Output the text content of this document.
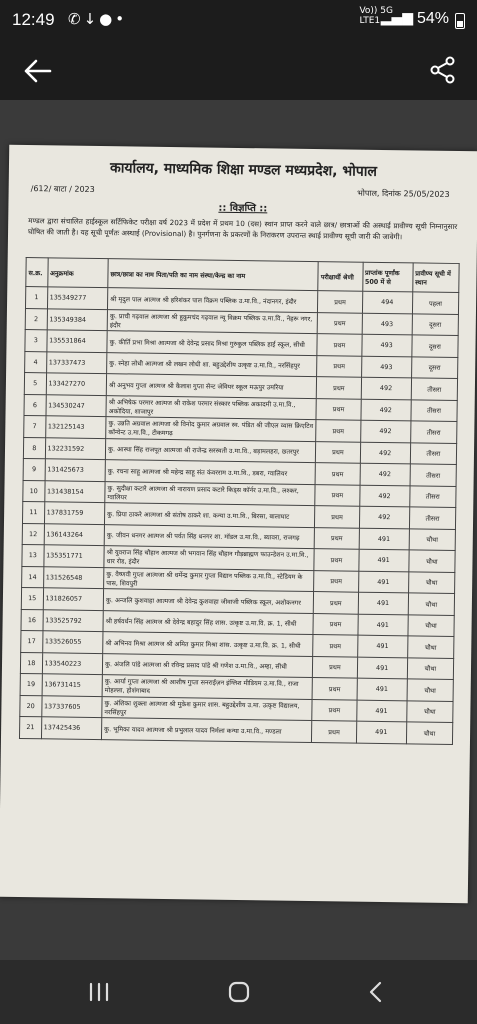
12:49 ✆↓●•	Vo)) 5G
LTE1 ▂▄▆ 54%
कार्यालय, माध्यमिक शिक्षा मण्डल मध्यप्रदेश, भोपाल
/612/ बाटा / 2023	भोपाल, दिनांक 25/05/2023
:: विज्ञप्ति ::
मण्डल द्वारा संचालित हाईस्कूल सर्टिफिकेट परीक्षा वर्ष 2023 में प्रदेश में प्रथम 10 (दस) स्थान प्राप्त करने वाले छात्र/ छात्राओं की अस्थाई प्रावीण्य सूची निम्नानुसार घोषित की जाती है। यह सूची पूर्णतः अस्थाई (Provisional) है। पुनर्गणना के प्रकरणों के निराकरण उपरान्त स्थाई प्रावीण्य सूची जारी की जावेगी।
स.क्र.	अनुक्रमांक	छात्र/छात्रा का नाम पिता/पति का नाम संस्था/केन्द्र का नाम	परीक्षार्थी श्रेणी	प्राप्तांक पूर्णांक 500 में से	प्रावीण्य सूची में स्थान
1	135349277	श्री मृदुल पाल आत्मज श्री हरिशंकर पाल विक्रम पब्लिक उ.मा.वि., नंदानगर, इंदौर	प्रथम	494	पहला
2	135349384	कु. प्राची गढ़वाल आत्मजा श्री हुकुमचंद गढ़वाल न्यू विक्रम पब्लिक उ.मा.वि., नेहरू नगर, इंदौर	प्रथम	493	दूसरा
3	135531864	कु. कीर्ति प्रभा मिश्रा आत्मजा श्री देवेन्द्र प्रसाद मिश्रा गुरुकुल पब्लिक हाई स्कूल, सीधी	प्रथम	493	दूसरा
4	137337473	कु. स्नेहा लोधी आत्मजा श्री लखन लोधी शा. बहुउद्देशीय उत्कृष्ट उ.मा.वि., नरसिंहपुर	प्रथम	493	दूसरा
5	133427270	श्री अनुभव गुप्ता आत्मज श्री कैलाश गुप्ता सेन्ट जेवियर स्कूल मऊपुर उमरिया	प्रथम	492	तीसरा
6	134530247	श्री अभिषेक परमार आत्मज श्री राकेश परमार संस्कार पब्लिक अकादमी उ.मा.वि., अकोदिया, शाजापुर	प्रथम	492	तीसरा
7	132125143	कु. उन्नति अग्रवाल आत्मजा श्री विनोद कुमार अग्रवाल स्व. पंडित श्री जीएल व्यास क्रिएटिव कॉन्वेन्ट उ.मा.वि., टीकमगढ़	प्रथम	492	तीसरा
8	132231592	कु. आस्था सिंह राजपूत आत्मजा श्री राजेन्द्र सरस्वती उ.मा.वि., बड़ामलहरा, छतरपुर	प्रथम	492	तीसरा
9	131425673	कु. रचना साहू आत्मजा श्री महेन्द्र साहू संत कंवरराम उ.मा.वि., डबरा, ग्वालियर	प्रथम	492	तीसरा
10	131438154	कु. सुदीक्षा कटारे आत्मजा श्री नारायण प्रसाद कटारे किड्स कॉर्नर उ.मा.वि., लश्कर, ग्वालियर	प्रथम	492	तीसरा
11	137831759	कु. प्रिया ठाकरे आत्मजा श्री संतोष ठाकरे शा. कन्या उ.मा.वि., बिरसा, बालाघाट	प्रथम	492	तीसरा
12	136143264	कु. जीवन धनगर आत्मज श्री पर्वत सिंह धनगर शा. मॉडल उ.मा.वि., ब्यावरा, राजगढ़	प्रथम	491	चौथा
13	135351771	श्री युवराज सिंह चौहान आत्मज श्री भगवान सिंह चौहान गौड़ब्राह्मण फाउन्डेशन उ.मा.वि., धार रोड, इंदौर	प्रथम	491	चौथा
14	131526548	कु. वैष्णवी गुप्ता आत्मजा श्री धर्मेन्द्र कुमार गुप्ता विद्यान पब्लिक उ.मा.वि., स्टेडियम के पास, शिवपुरी	प्रथम	491	चौथा
15	131826057	कु. अन्जलि कुशवाहा आत्मजा श्री देवेन्द्र कुशवाहा जीवाजी पब्लिक स्कूल, अशोकनगर	प्रथम	491	चौथा
16	133525792	श्री हर्षवर्धन सिंह आत्मज श्री देवेन्द्र बहादुर सिंह शास. उत्कृष्ट उ.मा.वि. क्र. 1, सीधी	प्रथम	491	चौथा
17	133526055	श्री अभिनव मिश्रा आत्मज श्री अमित कुमार मिश्रा शास. उत्कृष्ट उ.मा.वि. क्र. 1, सीधी	प्रथम	491	चौथा
18	133540223	कु. अंजलि पांडे आत्मजा श्री रविन्द्र प्रसाद पांडे श्री गणेश उ.मा.वि., अम्हा, सीधी	प्रथम	491	चौथा
19	136731415	कु. आर्या गुप्ता आत्मजा श्री आशीष गुप्ता सनराईज़न इंग्लिश मीडियम उ.मा.वि., राजा मोहल्ला, होशंगाबाद	प्रथम	491	चौथा
20	137337605	कु. अंशिका शुक्ला आत्मजा श्री मुकेश कुमार शास. बहुउद्देशीय उ.मा. उत्कृष्ट विद्यालय, नरसिंहपुर	प्रथम	491	चौथा
21	137425436	कु. भूमिका यादव आत्मजा श्री प्रभुलाल यादव निर्मला कन्या उ.मा.वि., मण्डला	प्रथम	491	चौथा
